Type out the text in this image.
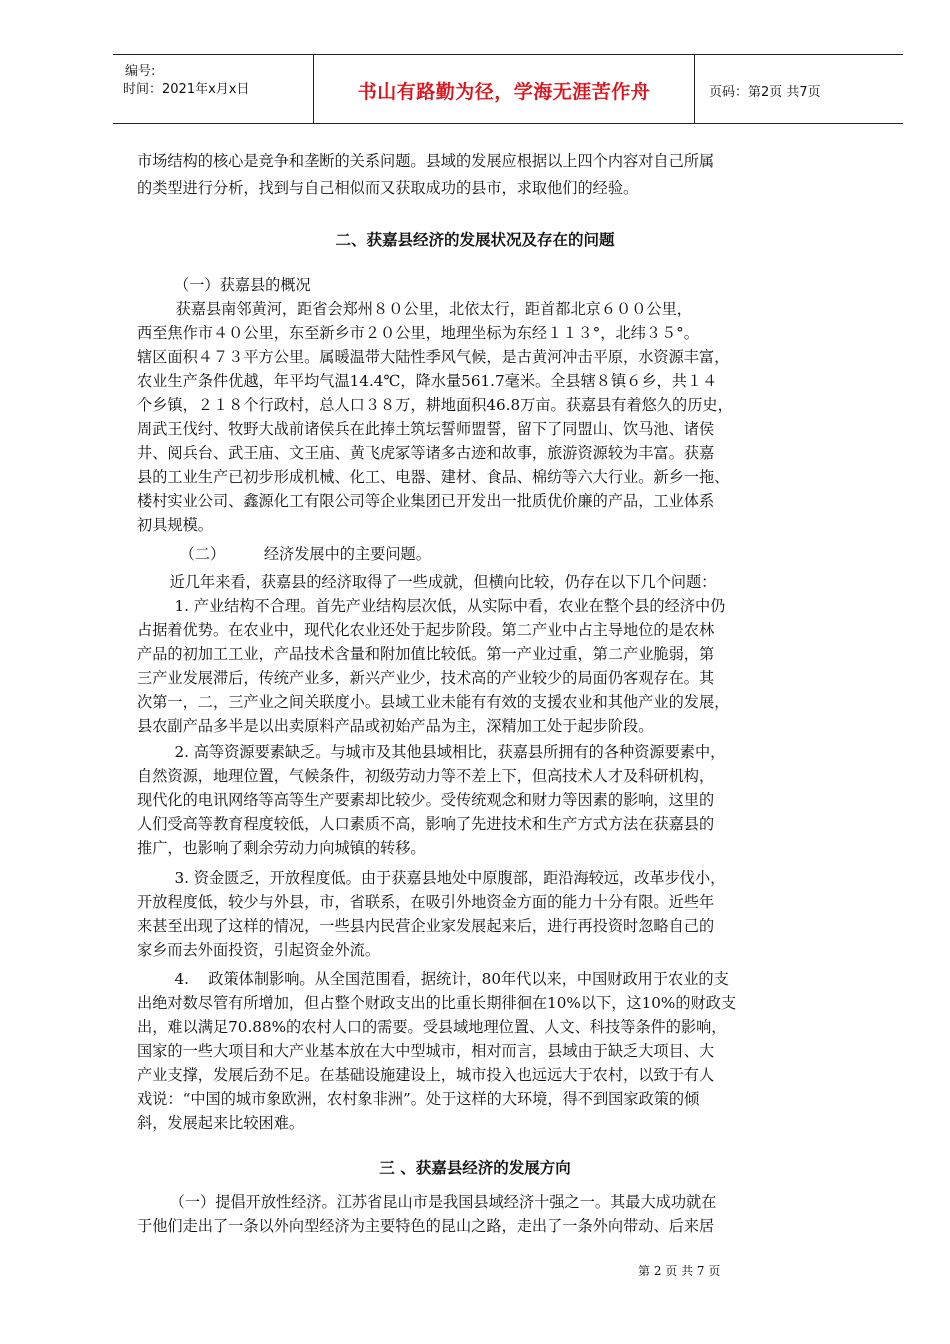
编号:
时间：2021年x月x日	书山有路勤为径，学海无涯苦作舟	页码：第2页 共7页
市场结构的核心是竞争和垄断的关系问题。县域的发展应根据以上四个内容对自己所属
的类型进行分析，找到与自己相似而又获取成功的县市，求取他们的经验。
二、获嘉县经济的发展状况及存在的问题
（一）获嘉县的概况
获嘉县南邻黄河，距省会郑州８０公里，北依太行，距首都北京６００公里，
西至焦作市４０公里，东至新乡市２０公里，地理坐标为东经１１３°，北纬３５°。
辖区面积４７３平方公里。属暖温带大陆性季风气候，是古黄河冲击平原，水资源丰富，
农业生产条件优越，年平均气温14.4℃，降水量561.7毫米。全县辖８镇６乡，共１４
个乡镇，２１８个行政村，总人口３８万，耕地面积46.8万亩。获嘉县有着悠久的历史，
周武王伐纣、牧野大战前诸侯兵在此捧土筑坛誓师盟誓，留下了同盟山、饮马池、诸侯
井、阅兵台、武王庙、文王庙、黄飞虎冢等诸多古迹和故事，旅游资源较为丰富。获嘉
县的工业生产已初步形成机械、化工、电器、建材、食品、棉纺等六大行业。新乡一拖、
楼村实业公司、鑫源化工有限公司等企业集团已开发出一批质优价廉的产品，工业体系
初具规模。
（二）        经济发展中的主要问题。
近几年来看，获嘉县的经济取得了一些成就，但横向比较，仍存在以下几个问题：
1. 产业结构不合理。首先产业结构层次低，从实际中看，农业在整个县的经济中仍
占据着优势。在农业中，现代化农业还处于起步阶段。第二产业中占主导地位的是农林
产品的初加工工业，产品技术含量和附加值比较低。第一产业过重，第二产业脆弱，第
三产业发展滞后，传统产业多，新兴产业少，技术高的产业较少的局面仍客观存在。其
次第一，二，三产业之间关联度小。县域工业未能有有效的支援农业和其他产业的发展，
县农副产品多半是以出卖原料产品或初始产品为主，深精加工处于起步阶段。
2. 高等资源要素缺乏。与城市及其他县域相比，获嘉县所拥有的各种资源要素中，
自然资源，地理位置，气候条件，初级劳动力等不差上下，但高技术人才及科研机构，
现代化的电讯网络等高等生产要素却比较少。受传统观念和财力等因素的影响，这里的
人们受高等教育程度较低，人口素质不高，影响了先进技术和生产方式方法在获嘉县的
推广，也影响了剩余劳动力向城镇的转移。
3. 资金匮乏，开放程度低。由于获嘉县地处中原腹部，距沿海较远，改革步伐小，
开放程度低，较少与外县，市，省联系，在吸引外地资金方面的能力十分有限。近些年
来甚至出现了这样的情况，一些县内民营企业家发展起来后，进行再投资时忽略自己的
家乡而去外面投资，引起资金外流。
4.    政策体制影响。从全国范围看，据统计，80年代以来，中国财政用于农业的支
出绝对数尽管有所增加，但占整个财政支出的比重长期徘徊在10%以下，这10%的财政支
出，难以满足70.88%的农村人口的需要。受县域地理位置、人文、科技等条件的影响，
国家的一些大项目和大产业基本放在大中型城市，相对而言，县域由于缺乏大项目、大
产业支撑，发展后劲不足。在基础设施建设上，城市投入也远远大于农村，以致于有人
戏说：“中国的城市象欧洲，农村象非洲”。处于这样的大环境，得不到国家政策的倾
斜，发展起来比较困难。
三 、获嘉县经济的发展方向
（一）提倡开放性经济。江苏省昆山市是我国县域经济十强之一。其最大成功就在
于他们走出了一条以外向型经济为主要特色的昆山之路，走出了一条外向带动、后来居
第 2 页 共 7 页
